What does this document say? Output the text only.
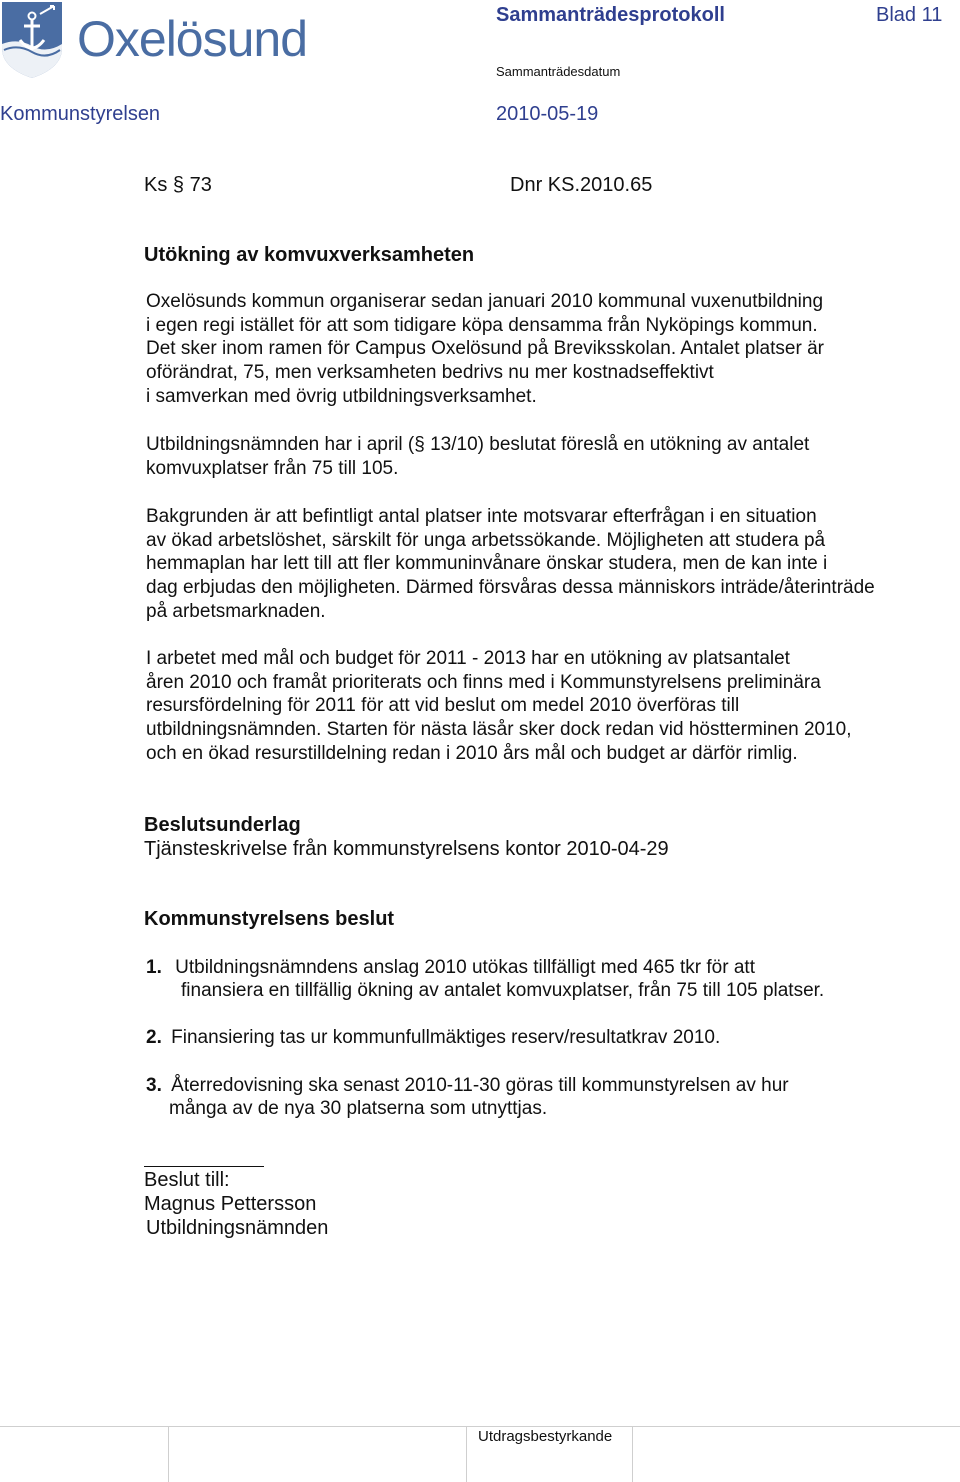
Oxelösund	Sammanträdesprotokoll	Blad 11
Sammanträdesdatum
Kommunstyrelsen	2010-05-19
Ks § 73	Dnr KS.2010.65
Utökning av komvuxverksamheten
Oxelösunds kommun organiserar sedan januari 2010 kommunal vuxenutbildning
i egen regi istället för att som tidigare köpa densamma från Nyköpings kommun.
Det sker inom ramen för Campus Oxelösund på Breviksskolan. Antalet platser är
oförändrat, 75, men verksamheten bedrivs nu mer kostnadseffektivt
i samverkan med övrig utbildningsverksamhet.
Utbildningsnämnden har i april (§ 13/10) beslutat föreslå en utökning av antalet
komvuxplatser från 75 till 105.
Bakgrunden är att befintligt antal platser inte motsvarar efterfrågan i en situation
av ökad arbetslöshet, särskilt för unga arbetssökande. Möjligheten att studera på
hemmaplan har lett till att fler kommuninvånare önskar studera, men de kan inte i
dag erbjudas den möjligheten. Därmed försvåras dessa människors inträde/återinträde
på arbetsmarknaden.
I arbetet med mål och budget för 2011 - 2013 har en utökning av platsantalet
åren 2010 och framåt prioriterats och finns med i Kommunstyrelsens preliminära
resursfördelning för 2011 för att vid beslut om medel 2010 överföras till
utbildningsnämnden. Starten för nästa läsår sker dock redan vid höstterminen 2010,
och en ökad resurstilldelning redan i 2010 års mål och budget ar därför rimlig.
Beslutsunderlag
Tjänsteskrivelse från kommunstyrelsens kontor 2010-04-29
Kommunstyrelsens beslut
1. Utbildningsnämndens anslag 2010 utökas tillfälligt med 465 tkr för att
finansiera en tillfällig ökning av antalet komvuxplatser, från 75 till 105 platser.
2. Finansiering tas ur kommunfullmäktiges reserv/resultatkrav 2010.
3. Återredovisning ska senast 2010-11-30 göras till kommunstyrelsen av hur
många av de nya 30 platserna som utnyttjas.
Beslut till:
Magnus Pettersson
Utbildningsnämnden
Utdragsbestyrkande
